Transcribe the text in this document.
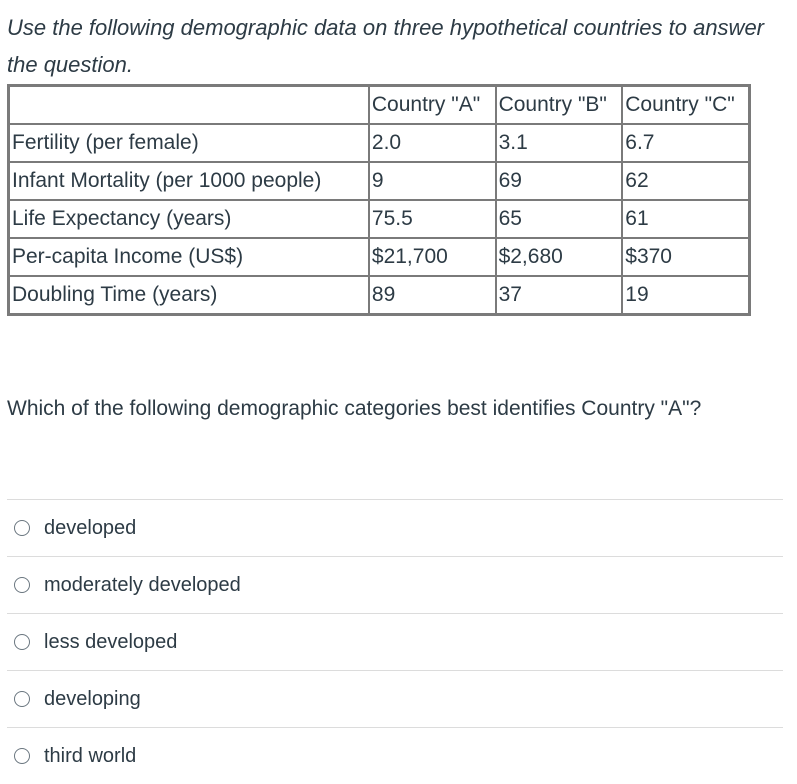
Use the following demographic data on three hypothetical countries to answer the question.

	Country "A"	Country "B"	Country "C"
Fertility (per female)	2.0	3.1	6.7
Infant Mortality (per 1000 people)	9	69	62
Life Expectancy (years)	75.5	65	61
Per-capita Income (US$)	$21,700	$2,680	$370
Doubling Time (years)	89	37	19

Which of the following demographic categories best identifies Country "A"?

developed
moderately developed
less developed
developing
third world
